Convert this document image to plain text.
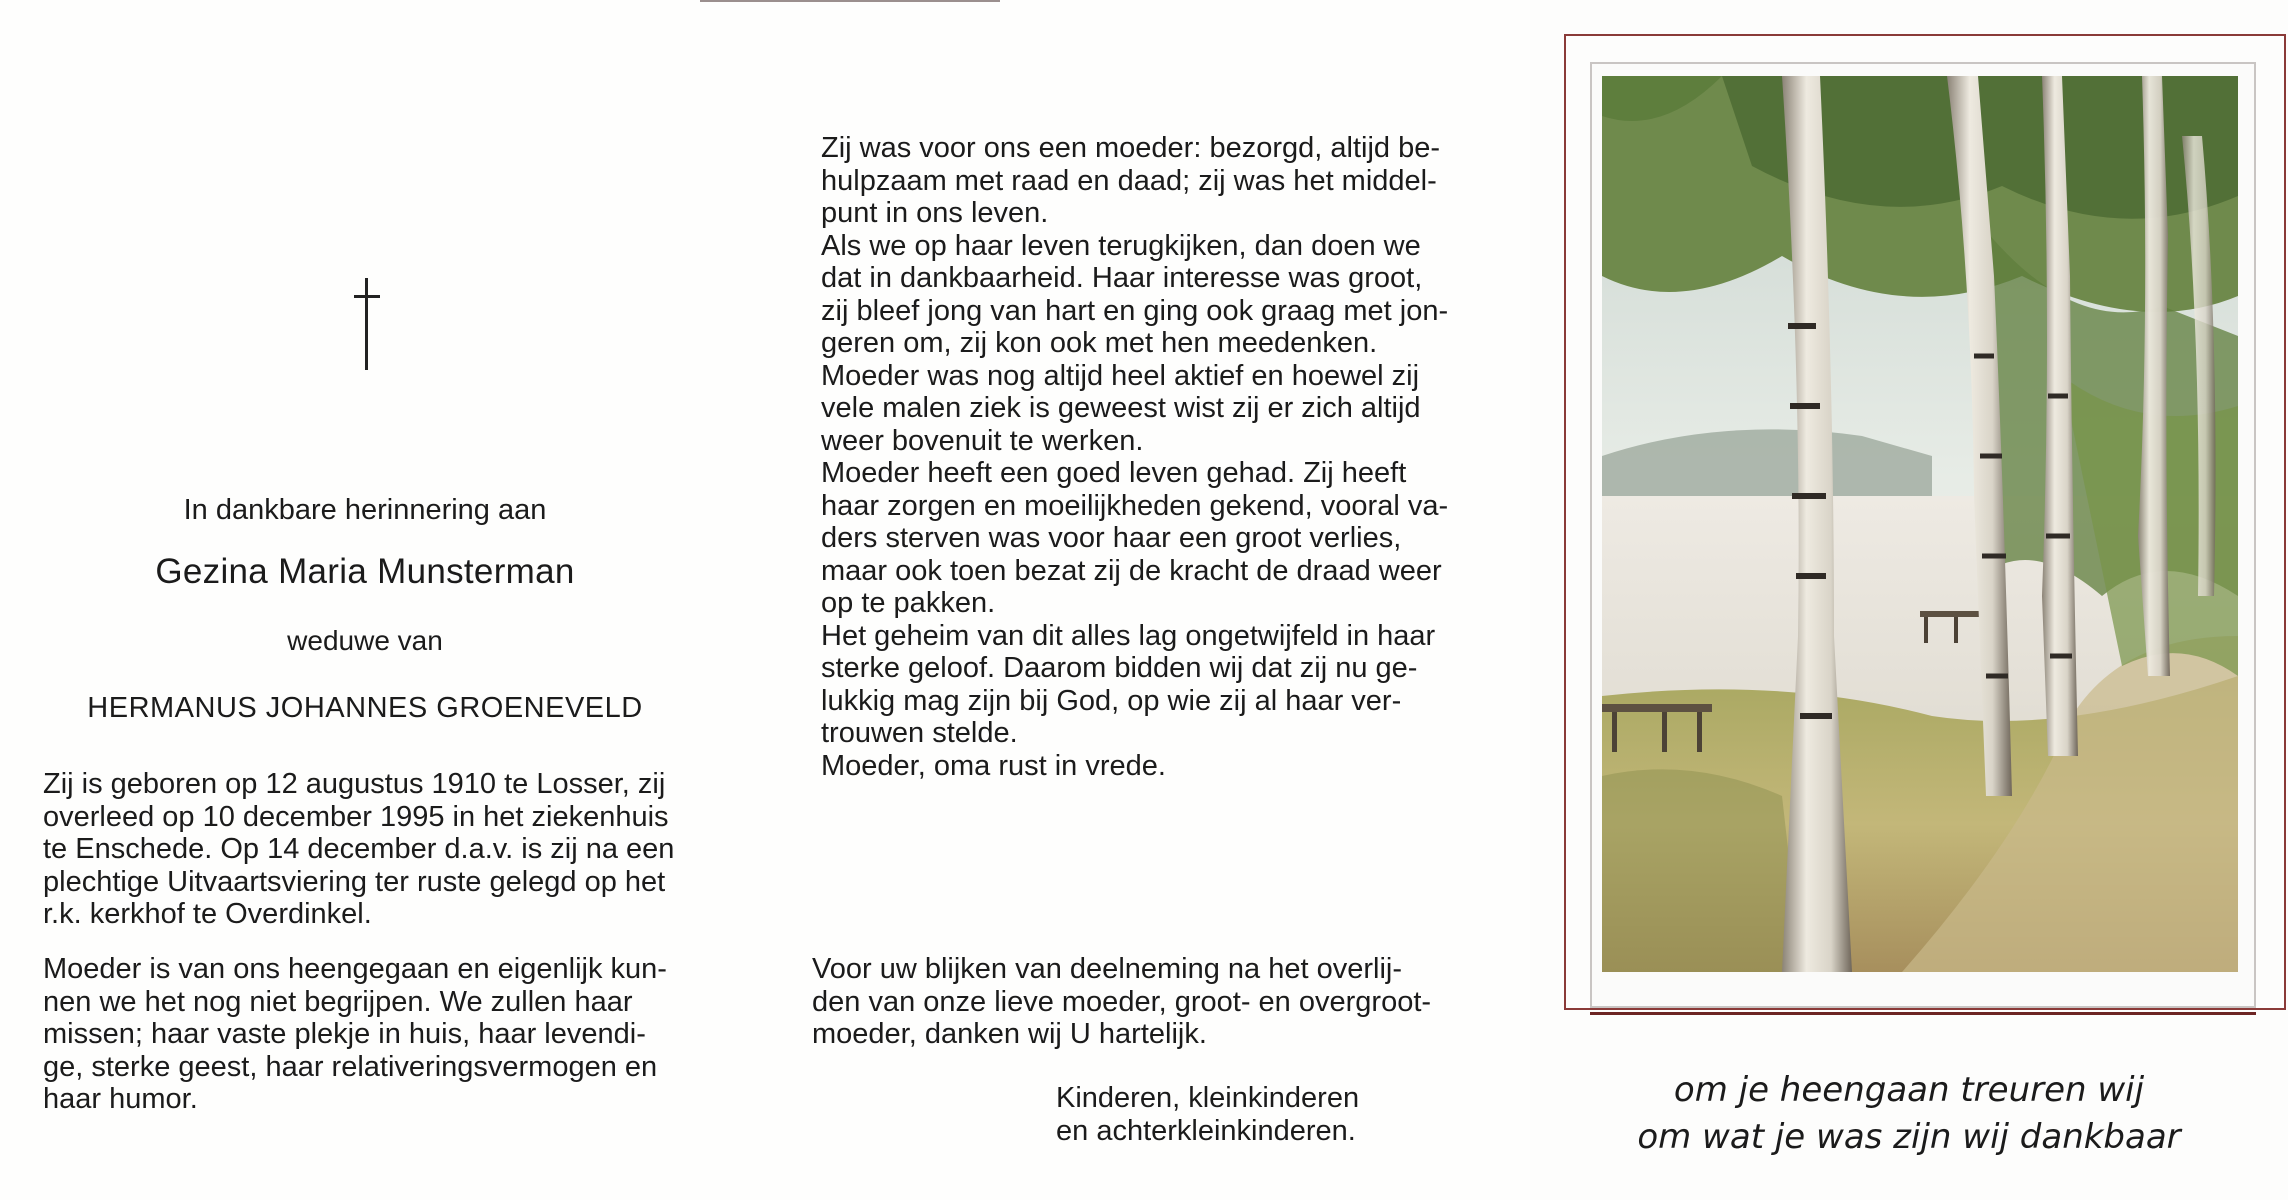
In dankbare herinnering aan
Gezina Maria Munsterman
weduwe van
HERMANUS JOHANNES GROENEVELD
Zij is geboren op 12 augustus 1910 te Losser, zij
overleed op 10 december 1995 in het ziekenhuis
te Enschede. Op 14 december d.a.v. is zij na een
plechtige Uitvaartsviering ter ruste gelegd op het
r.k. kerkhof te Overdinkel.
Moeder is van ons heengegaan en eigenlijk kun-
nen we het nog niet begrijpen. We zullen haar
missen; haar vaste plekje in huis, haar levendi-
ge, sterke geest, haar relativeringsvermogen en
haar humor.
Zij was voor ons een moeder: bezorgd, altijd be-
hulpzaam met raad en daad; zij was het middel-
punt in ons leven.
Als we op haar leven terugkijken, dan doen we
dat in dankbaarheid. Haar interesse was groot,
zij bleef jong van hart en ging ook graag met jon-
geren om, zij kon ook met hen meedenken.
Moeder was nog altijd heel aktief en hoewel zij
vele malen ziek is geweest wist zij er zich altijd
weer bovenuit te werken.
Moeder heeft een goed leven gehad. Zij heeft
haar zorgen en moeilijkheden gekend, vooral va-
ders sterven was voor haar een groot verlies,
maar ook toen bezat zij de kracht de draad weer
op te pakken.
Het geheim van dit alles lag ongetwijfeld in haar
sterke geloof. Daarom bidden wij dat zij nu ge-
lukkig mag zijn bij God, op wie zij al haar ver-
trouwen stelde.
Moeder, oma rust in vrede.
Voor uw blijken van deelneming na het overlij-
den van onze lieve moeder, groot- en overgroot-
moeder, danken wij U hartelijk.
Kinderen, kleinkinderen
en achterkleinkinderen.
om je heengaan treuren wij
om wat je was zijn wij dankbaar
